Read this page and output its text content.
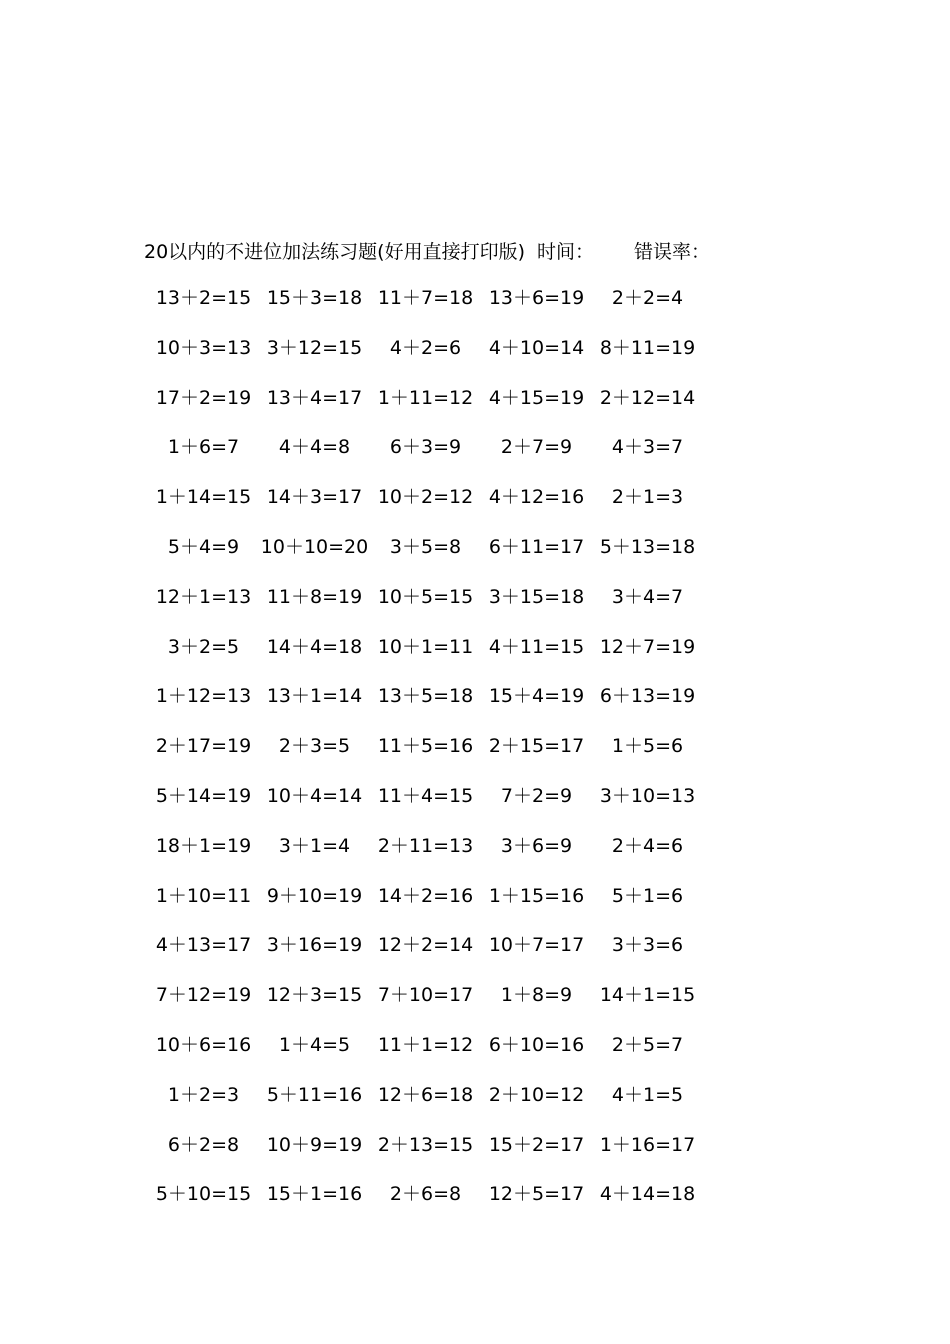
20以内的不进位加法练习题(好用直接打印版) 时间： 错误率：
13＋2=15 15＋3=18 11＋7=18 13＋6=19	2＋2=4
10＋3=13 3＋12=15	4＋2=6	4＋10=14 8＋11=19
17＋2=19 13＋4=17 1＋11=12 4＋15=19 2＋12=14
1＋6=7	4＋4=8	6＋3=9	2＋7=9	4＋3=7
1＋14=15 14＋3=17 10＋2=12 4＋12=16	2＋1=3
5＋4=9	10＋10=20	3＋5=8	6＋11=17 5＋13=18
12＋1=13 11＋8=19 10＋5=15 3＋15=18	3＋4=7
3＋2=5	14＋4=18 10＋1=11 4＋11=15 12＋7=19
1＋12=13 13＋1=14 13＋5=18 15＋4=19 6＋13=19
2＋17=19	2＋3=5	11＋5=16 2＋15=17	1＋5=6
5＋14=19 10＋4=14 11＋4=15	7＋2=9	3＋10=13
18＋1=19	3＋1=4	2＋11=13	3＋6=9	2＋4=6
1＋10=11 9＋10=19 14＋2=16 1＋15=16	5＋1=6
4＋13=17 3＋16=19 12＋2=14 10＋7=17	3＋3=6
7＋12=19 12＋3=15 7＋10=17	1＋8=9	14＋1=15
10＋6=16	1＋4=5	11＋1=12 6＋10=16	2＋5=7
1＋2=3	5＋11=16 12＋6=18 2＋10=12	4＋1=5
6＋2=8	10＋9=19 2＋13=15 15＋2=17 1＋16=17
5＋10=15 15＋1=16	2＋6=8	12＋5=17 4＋14=18
